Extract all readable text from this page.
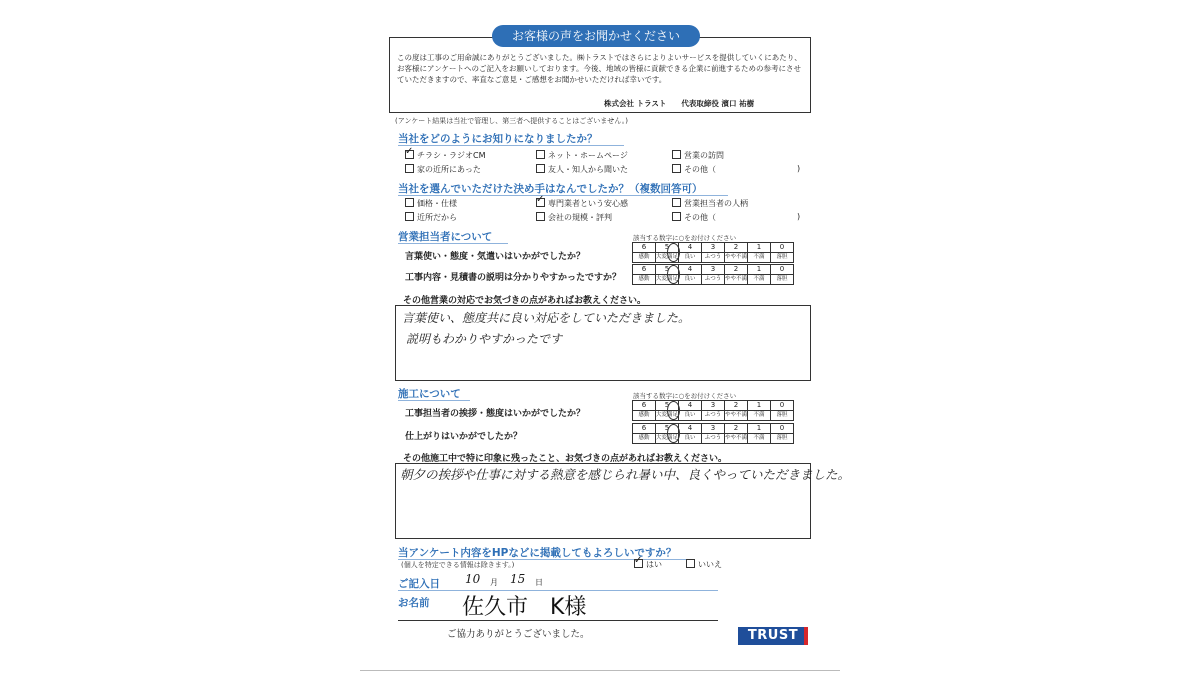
お客様の声をお聞かせください
この度は工事のご用命誠にありがとうございました。㈱トラストではさらによりよいサービスを提供していくにあたり、お客様にアンケートへのご記入をお願いしております。今後、地域の皆様に貢献できる企業に前進するための参考にさせていただきますので、率直なご意見・ご感想をお聞かせいただければ幸いです。
株式会社 トラスト　　代表取締役 濱口 祐樹
(アンケート結果は当社で管理し、第三者へ提供することはございません。)
当社をどのようにお知りになりましたか？
✓チラシ・ラジオCM	ネット・ホームページ	営業の訪問
家の近所にあった	友人・知人から聞いた	その他（	)
当社を選んでいただけた決め手はなんでしたか？（複数回答可）
価格・仕様 ✓	専門業者という安心感	営業担当者の人柄
近所だから	会社の規模・評判	その他（	)
営業担当者について	該当する数字に○をお付けください
言葉使い・態度・気遣いはいかがでしたか？
工事内容・見積書の説明は分かりやすかったですか？
6	5	4	3	2	1	0
感動	大変満足	良い	ふつう	やや不満	不満	落胆
6	5	4	3	2	1	0
感動	大変満足	良い	ふつう	やや不満	不満	落胆
その他営業の対応でお気づきの点があればお教えください。
言葉使い、態度共に良い対応をしていただきました。
説明もわかりやすかったです
施工について	該当する数字に○をお付けください
工事担当者の挨拶・態度はいかがでしたか？
仕上がりはいかがでしたか？
6	5	4	3	2	1	0
感動	大変満足	良い	ふつう	やや不満	不満	落胆
6	5	4	3	2	1	0
感動	大変満足	良い	ふつう	やや不満	不満	落胆
その他施工中で特に印象に残ったこと、お気づきの点があればお教えください。
朝夕の挨拶や仕事に対する熱意を感じられ暑い中、良くやっていただきました。
当アンケート内容をHPなどに掲載してもよろしいですか？
(個人を特定できる情報は除きます。) ✓	はい	いいえ
ご記入日 10 月 15 日
お名前 佐久市　K様
ご協力ありがとうございました。	TRUST
